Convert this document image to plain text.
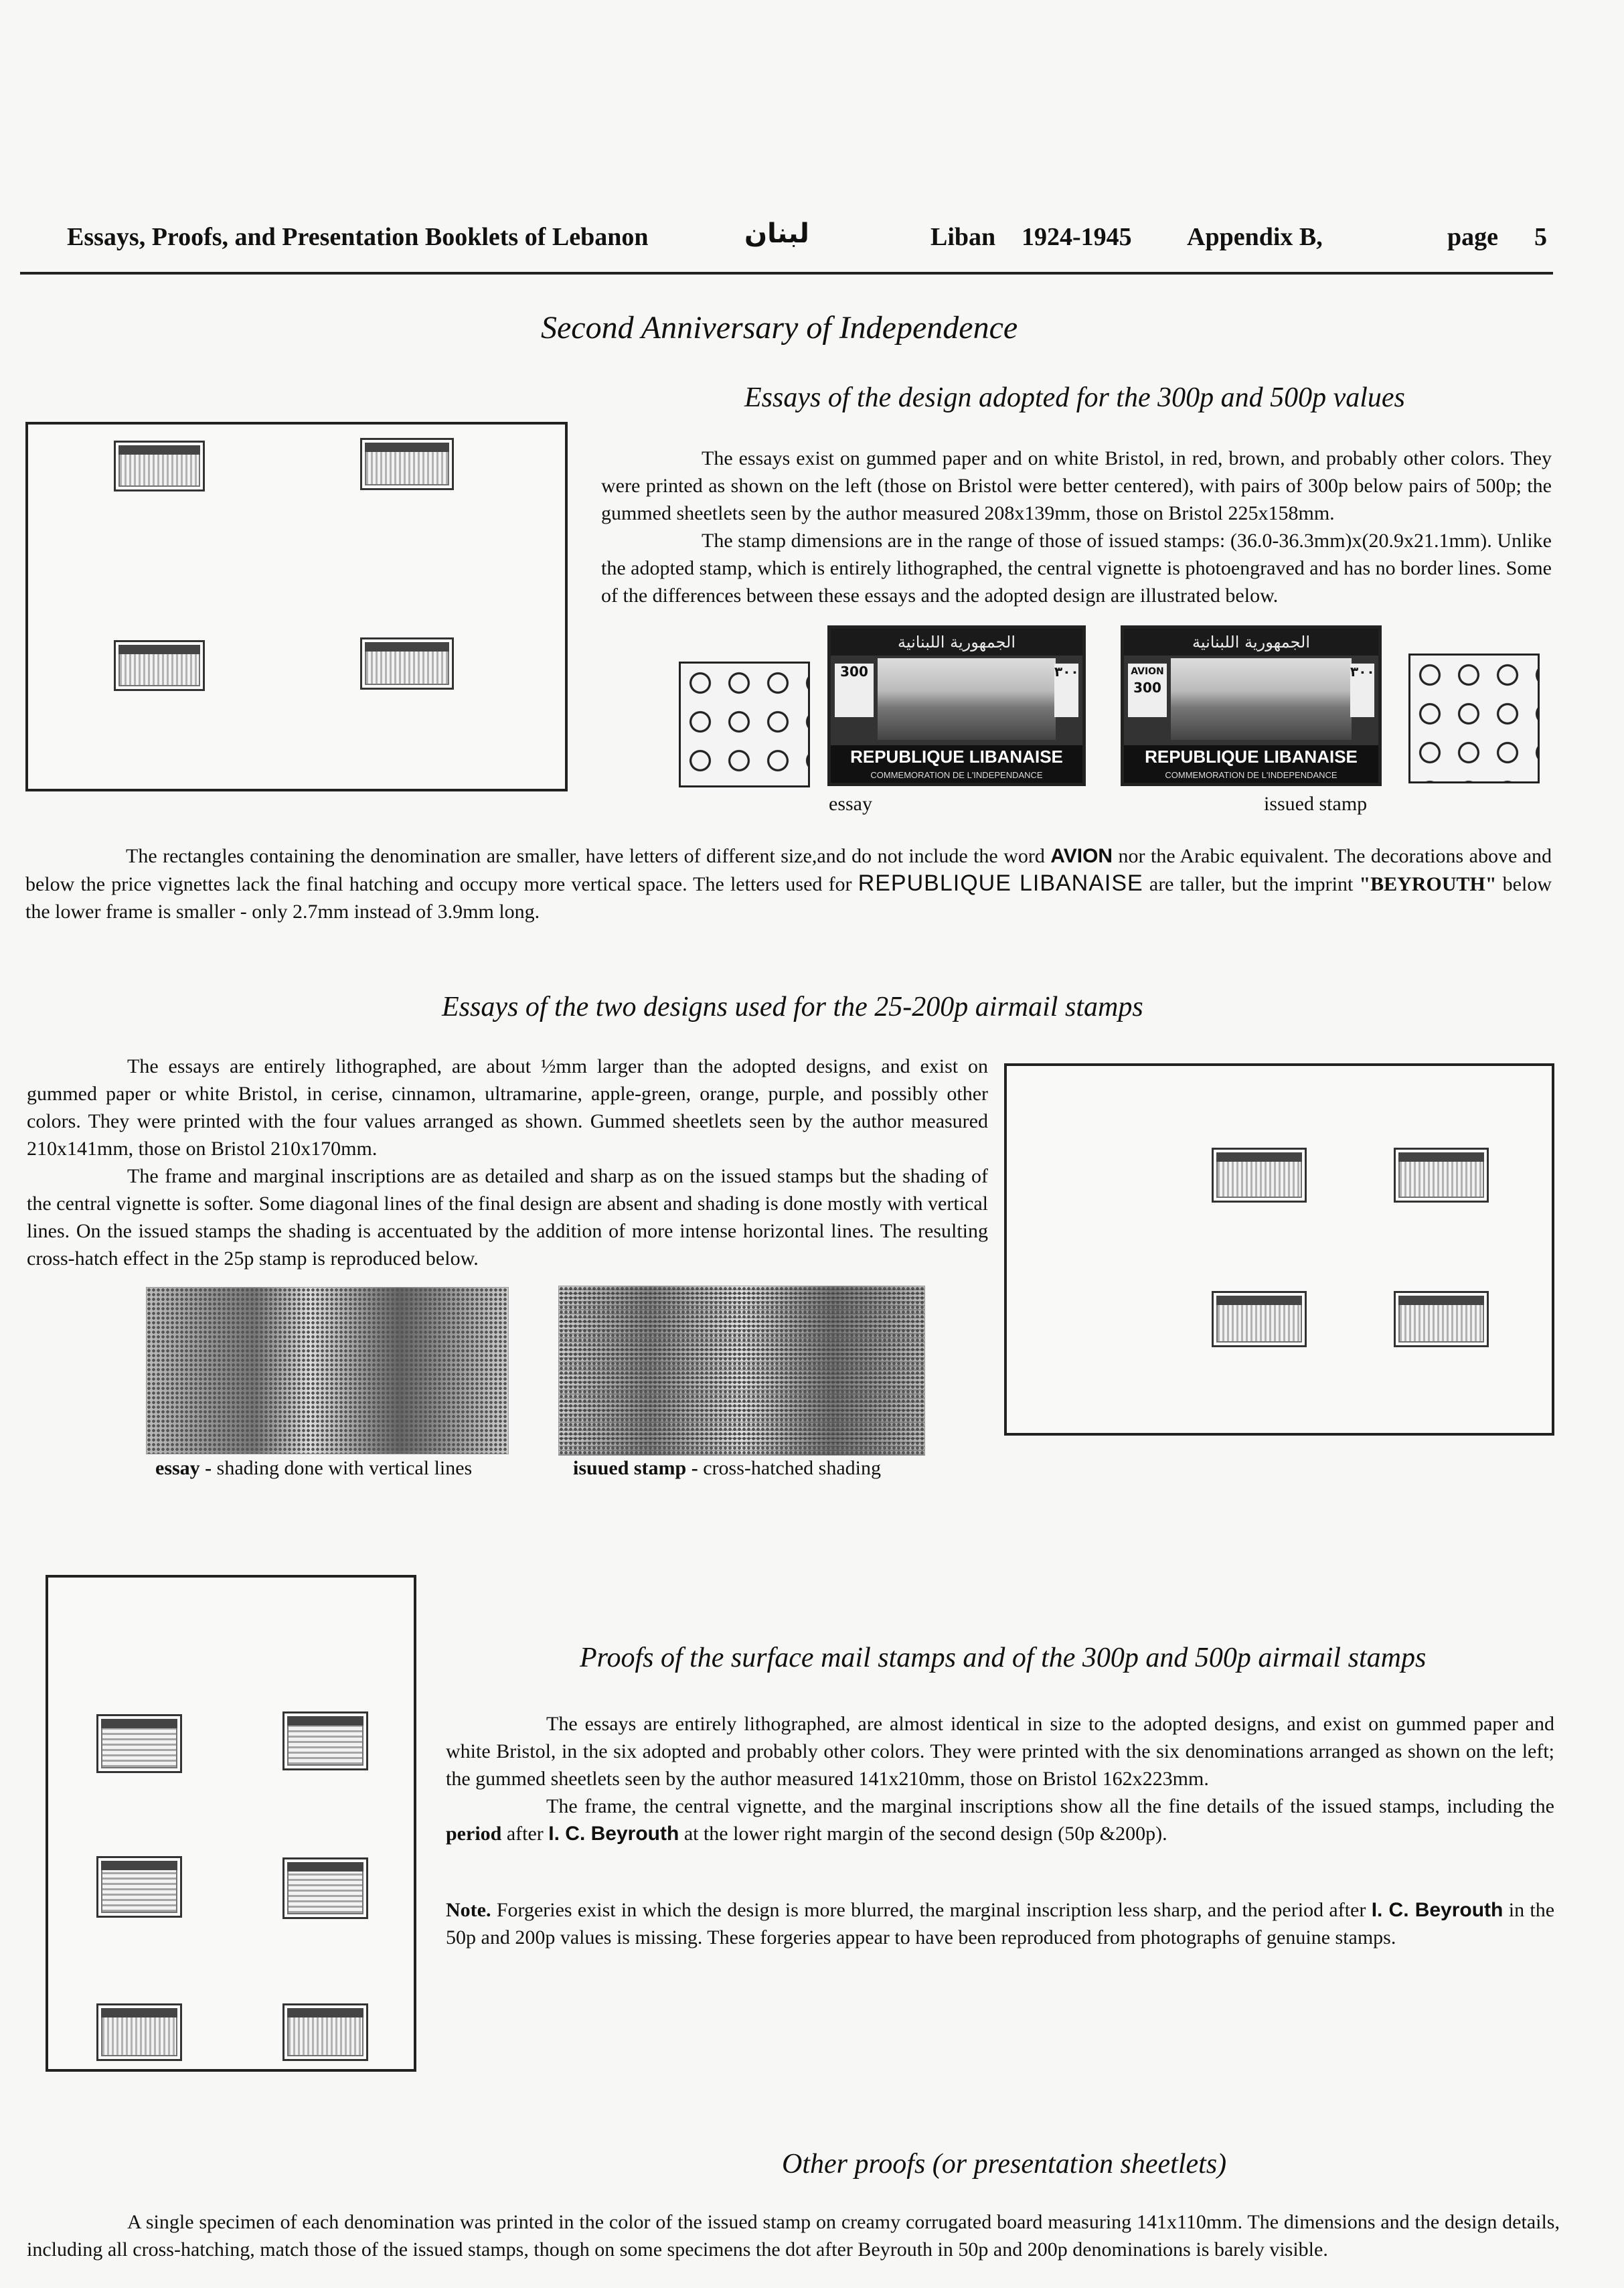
Essays, Proofs, and Presentation Booklets of Lebanon	لبنان	Liban 1924-1945 Appendix B,	page 5
Second Anniversary of Independence
Essays of the design adopted for the 300p and 500p values

The essays exist on gummed paper and on white Bristol, in red, brown, and probably other colors. They were printed as shown on the left (those on Bristol were better centered), with pairs of 300p below pairs of 500p; the gummed sheetlets seen by the author measured 208x139mm, those on Bristol 225x158mm.

The stamp dimensions are in the range of those of issued stamps: (36.0-36.3mm)x(20.9x21.1mm). Unlike the adopted stamp, which is entirely lithographed, the central vignette is photoengraved and has no border lines. Some of the differences between these essays and the adopted design are illustrated below.

الجمهورية اللبنانية
300	٣٠٠
REPUBLIQUE LIBANAISE
COMMEMORATION DE L'INDEPENDANCE
الجمهورية اللبنانية
AVION
300
٣٠٠
REPUBLIQUE LIBANAISE
COMMEMORATION DE L'INDEPENDANCE
essay	issued stamp

The rectangles containing the denomination are smaller, have letters of different size,and do not include the word AVION nor the Arabic equivalent. The decorations above and below the price vignettes lack the final hatching and occupy more vertical space. The letters used for REPUBLIQUE LIBANAISE are taller, but the imprint "BEYROUTH" below the lower frame is smaller - only 2.7mm instead of 3.9mm long.

Essays of the two designs used for the 25-200p airmail stamps

The essays are entirely lithographed, are about ½mm larger than the adopted designs, and exist on gummed paper or white Bristol, in cerise, cinnamon, ultramarine, apple-green, orange, purple, and possibly other colors. They were printed with the four values arranged as shown. Gummed sheetlets seen by the author measured 210x141mm, those on Bristol 210x170mm.

The frame and marginal inscriptions are as detailed and sharp as on the issued stamps but the shading of the central vignette is softer. Some diagonal lines of the final design are absent and shading is done mostly with vertical lines. On the issued stamps the shading is accentuated by the addition of more intense horizontal lines. The resulting cross-hatch effect in the 25p stamp is reproduced below.

essay - shading done with vertical lines	isuued stamp - cross-hatched shading
Proofs of the surface mail stamps and of the 300p and 500p airmail stamps

The essays are entirely lithographed, are almost identical in size to the adopted designs, and exist on gummed paper and white Bristol, in the six adopted and probably other colors. They were printed with the six denominations arranged as shown on the left; the gummed sheetlets seen by the author measured 141x210mm, those on Bristol 162x223mm.

The frame, the central vignette, and the marginal inscriptions show all the fine details of the issued stamps, including the period after I. C. Beyrouth at the lower right margin of the second design (50p &200p).

Note. Forgeries exist in which the design is more blurred, the marginal inscription less sharp, and the period after I. C. Beyrouth in the 50p and 200p values is missing. These forgeries appear to have been reproduced from photographs of genuine stamps.

Other proofs (or presentation sheetlets)

A single specimen of each denomination was printed in the color of the issued stamp on creamy corrugated board measuring 141x110mm. The dimensions and the design details, including all cross-hatching, match those of the issued stamps, though on some specimens the dot after Beyrouth in 50p and 200p denominations is barely visible.
